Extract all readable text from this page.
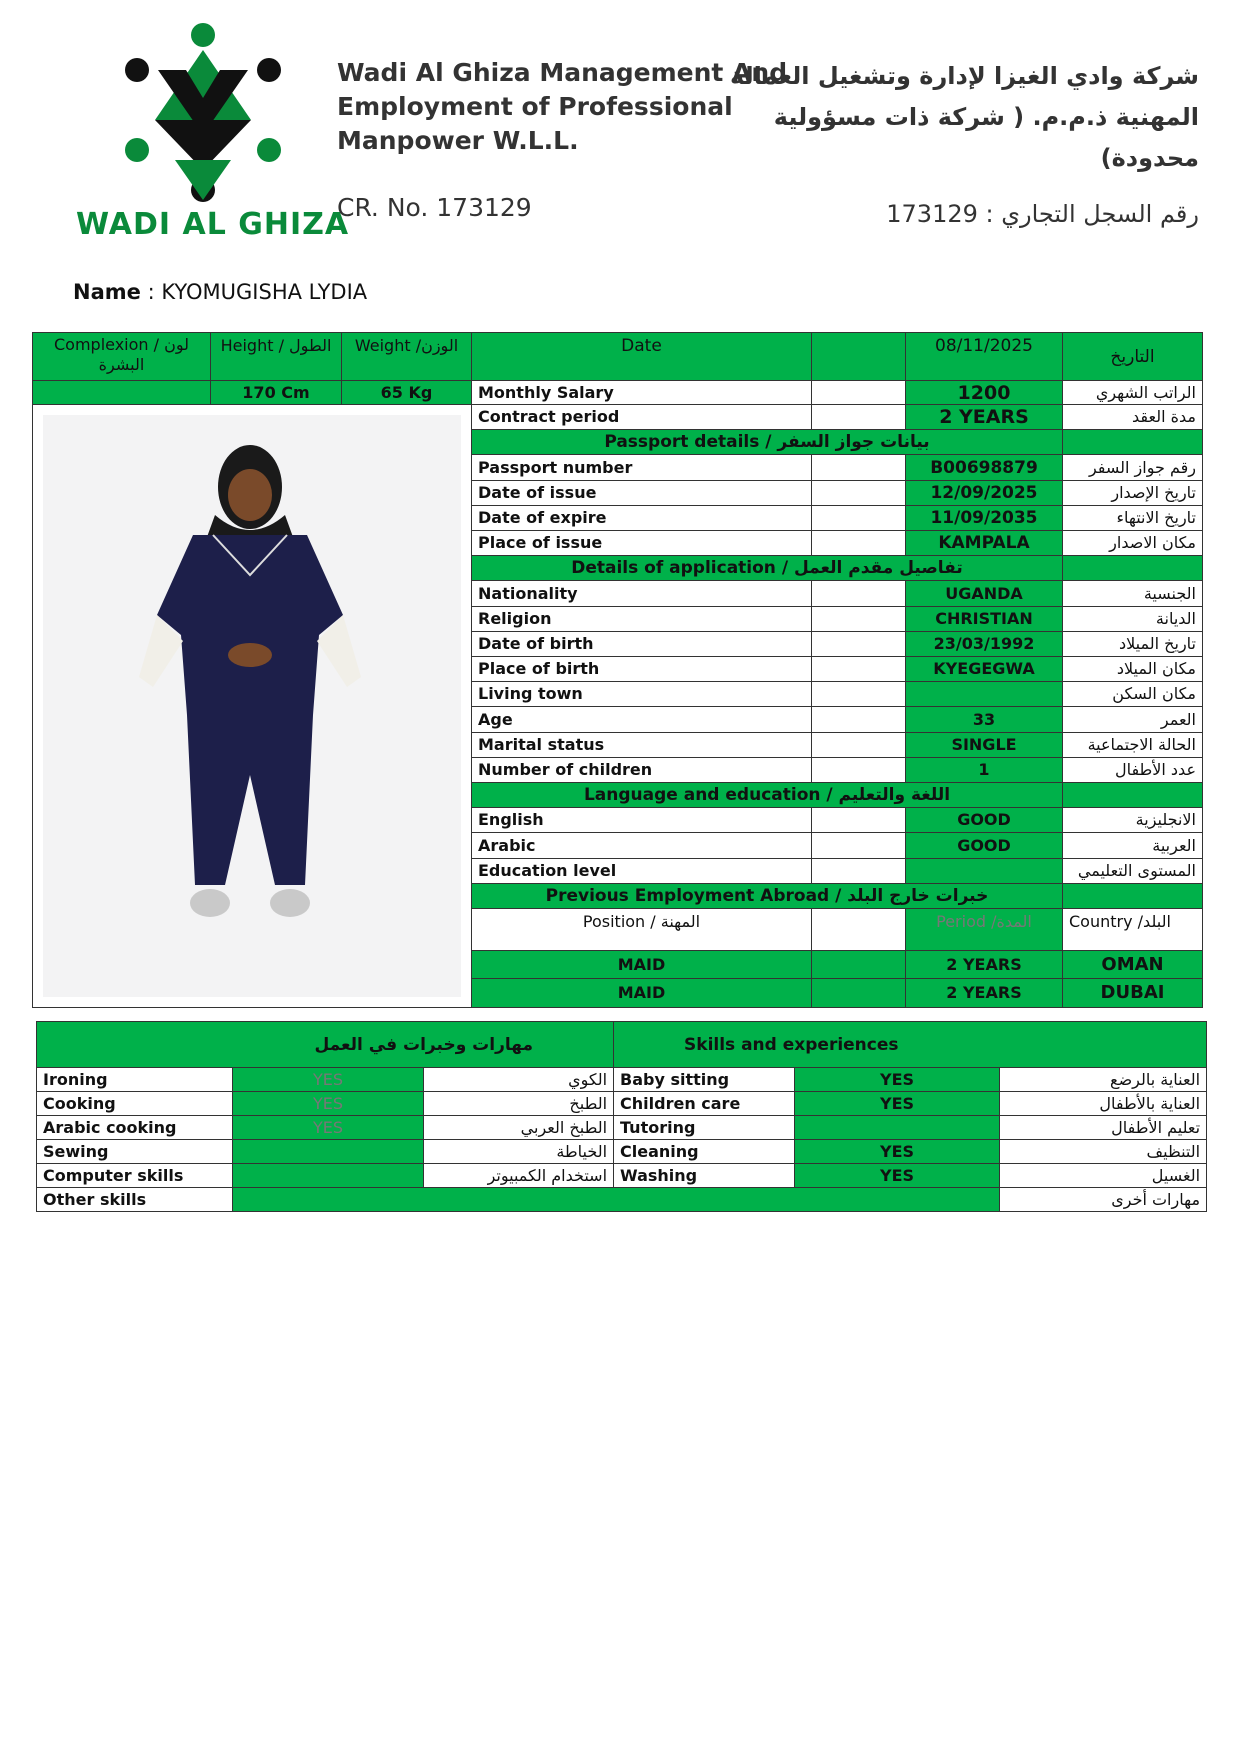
WADI AL GHIZA
Wadi Al Ghiza Management And
Employment of Professional
Manpower W.L.L.
CR. No. 173129
شركة وادي الغيزا لإدارة وتشغيل العمالة
المهنية ذ.م.م. ( شركة ذات مسؤولية
محدودة)
رقم السجل التجاري : 173129
Name : KYOMUGISHA LYDIA
Complexion / لون البشرة	Height / الطول	Weight /الوزن	Date		08/11/2025	التاريخ
	170 Cm	65 Kg	Monthly Salary		1200	الراتب الشهري

	Contract period		2 YEARS	مدة العقد
			Passport details / بيانات جواز السفر			
			Passport number		B00698879	رقم جواز السفر
			Date of issue		12/09/2025	تاريخ الإصدار
			Date of expire		11/09/2035	تاريخ الانتهاء
			Place of issue		KAMPALA	مكان الاصدار
			Details of application / تفاصيل مقدم العمل			
			Nationality		UGANDA	الجنسية
			Religion		CHRISTIAN	الديانة
			Date of birth		23/03/1992	تاريخ الميلاد
			Place of birth		KYEGEGWA	مكان الميلاد
			Living town			مكان السكن
			Age		33	العمر
			Marital status		SINGLE	الحالة الاجتماعية
			Number of children		1	عدد الأطفال
			Language and education / اللغة والتعليم			
			English		GOOD	الانجليزية
			Arabic		GOOD	العربية
			Education level			المستوى التعليمي
			Previous Employment Abroad / خبرات خارج البلد			
			Position / المهنة		Period /المدة	Country /البلد
			MAID		2 YEARS	OMAN
			MAID		2 YEARS	DUBAI
مهارات وخبرات في العمل			Skills and experiences		
Ironing	YES	الكوي	Baby sitting	YES	العناية بالرضع
Cooking	YES	الطبخ	Children care	YES	العناية بالأطفال
Arabic cooking	YES	الطبخ العربي	Tutoring		تعليم الأطفال
Sewing		الخياطة	Cleaning	YES	التنظيف
Computer skills		استخدام الكمبيوتر	Washing	YES	الغسيل
Other skills					مهارات أخرى
